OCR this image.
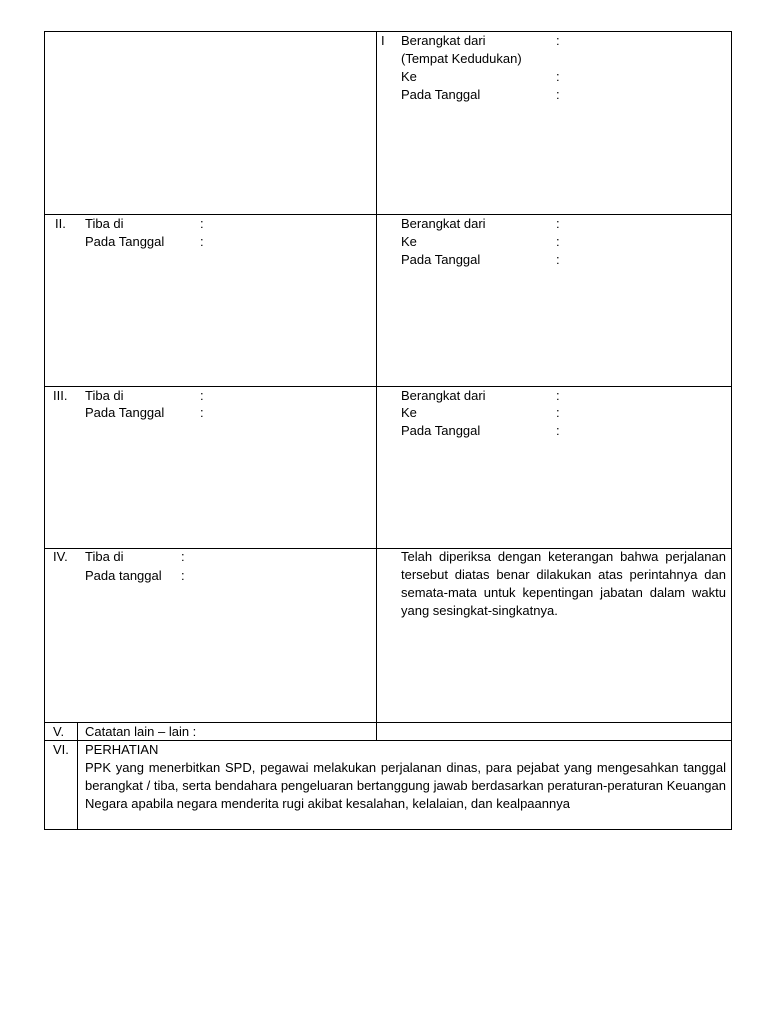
I Berangkat dari	:
(Tempat Kedudukan)
Ke	:
Pada Tanggal	:
II. Tiba di	:
Pada Tanggal	:
Berangkat dari	:
Ke	:
Pada Tanggal	:
III. Tiba di	:
Pada Tanggal	:
Berangkat dari	:
Ke	:
Pada Tanggal	:
IV. Tiba di	:
Pada tanggal :
Telah diperiksa dengan keterangan bahwa perjalanan tersebut diatas benar dilakukan atas perintahnya dan semata-mata untuk kepentingan jabatan dalam waktu yang sesingkat-singkatnya.
V. Catatan lain – lain :
VI. PERHATIAN
PPK yang menerbitkan SPD, pegawai melakukan perjalanan dinas, para pejabat yang mengesahkan tanggal berangkat / tiba, serta bendahara pengeluaran bertanggung jawab berdasarkan peraturan-peraturan Keuangan Negara apabila negara menderita rugi akibat kesalahan, kelalaian, dan kealpaannya
